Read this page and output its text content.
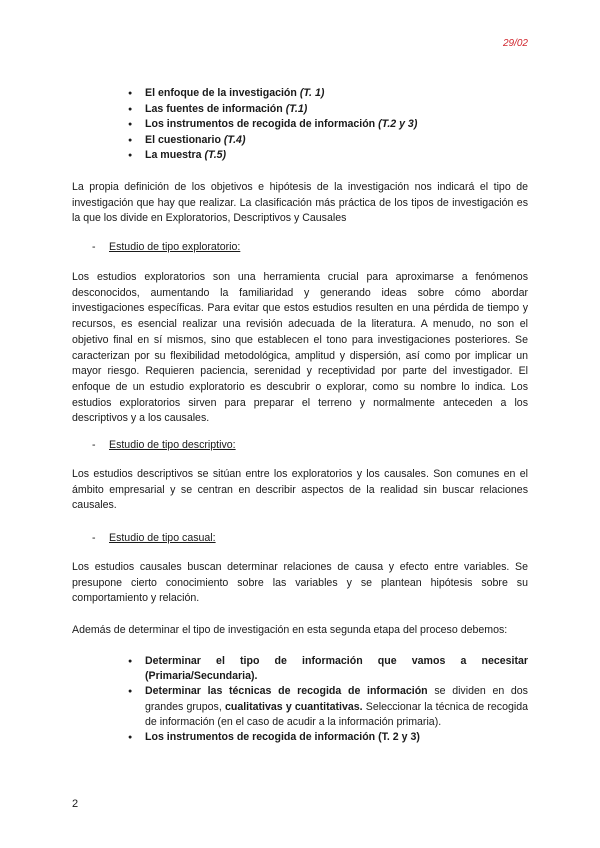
29/02
● El enfoque de la investigación (T. 1)
● Las fuentes de información (T.1)
● Los instrumentos de recogida de información (T.2 y 3)
● El cuestionario (T.4)
● La muestra (T.5)

La propia definición de los objetivos e hipótesis de la investigación nos indicará el tipo de investigación que hay que realizar. La clasificación más práctica de los tipos de investigación es la que los divide en Exploratorios, Descriptivos y Causales

- Estudio de tipo exploratorio:

Los estudios exploratorios son una herramienta crucial para aproximarse a fenómenos desconocidos, aumentando la familiaridad y generando ideas sobre cómo abordar investigaciones específicas. Para evitar que estos estudios resulten en una pérdida de tiempo y recursos, es esencial realizar una revisión adecuada de la literatura. A menudo, no son el objetivo final en sí mismos, sino que establecen el tono para investigaciones posteriores. Se caracterizan por su flexibilidad metodológica, amplitud y dispersión, así como por implicar un mayor riesgo. Requieren paciencia, serenidad y receptividad por parte del investigador. El enfoque de un estudio exploratorio es descubrir o explorar, como su nombre lo indica. Los estudios exploratorios sirven para preparar el terreno y normalmente anteceden a los descriptivos y a los causales.

- Estudio de tipo descriptivo:

Los estudios descriptivos se sitúan entre los exploratorios y los causales. Son comunes en el ámbito empresarial y se centran en describir aspectos de la realidad sin buscar relaciones causales.

- Estudio de tipo casual:

Los estudios causales buscan determinar relaciones de causa y efecto entre variables. Se presupone cierto conocimiento sobre las variables y se plantean hipótesis sobre su comportamiento y relación.

Además de determinar el tipo de investigación en esta segunda etapa del proceso debemos:

● Determinar el tipo de información que vamos a necesitar (Primaria/Secundaria).
● Determinar las técnicas de recogida de información se dividen en dos grandes grupos, cualitativas y cuantitativas. Seleccionar la técnica de recogida de información (en el caso de acudir a la información primaria).
● Los instrumentos de recogida de información (T. 2 y 3)
2
